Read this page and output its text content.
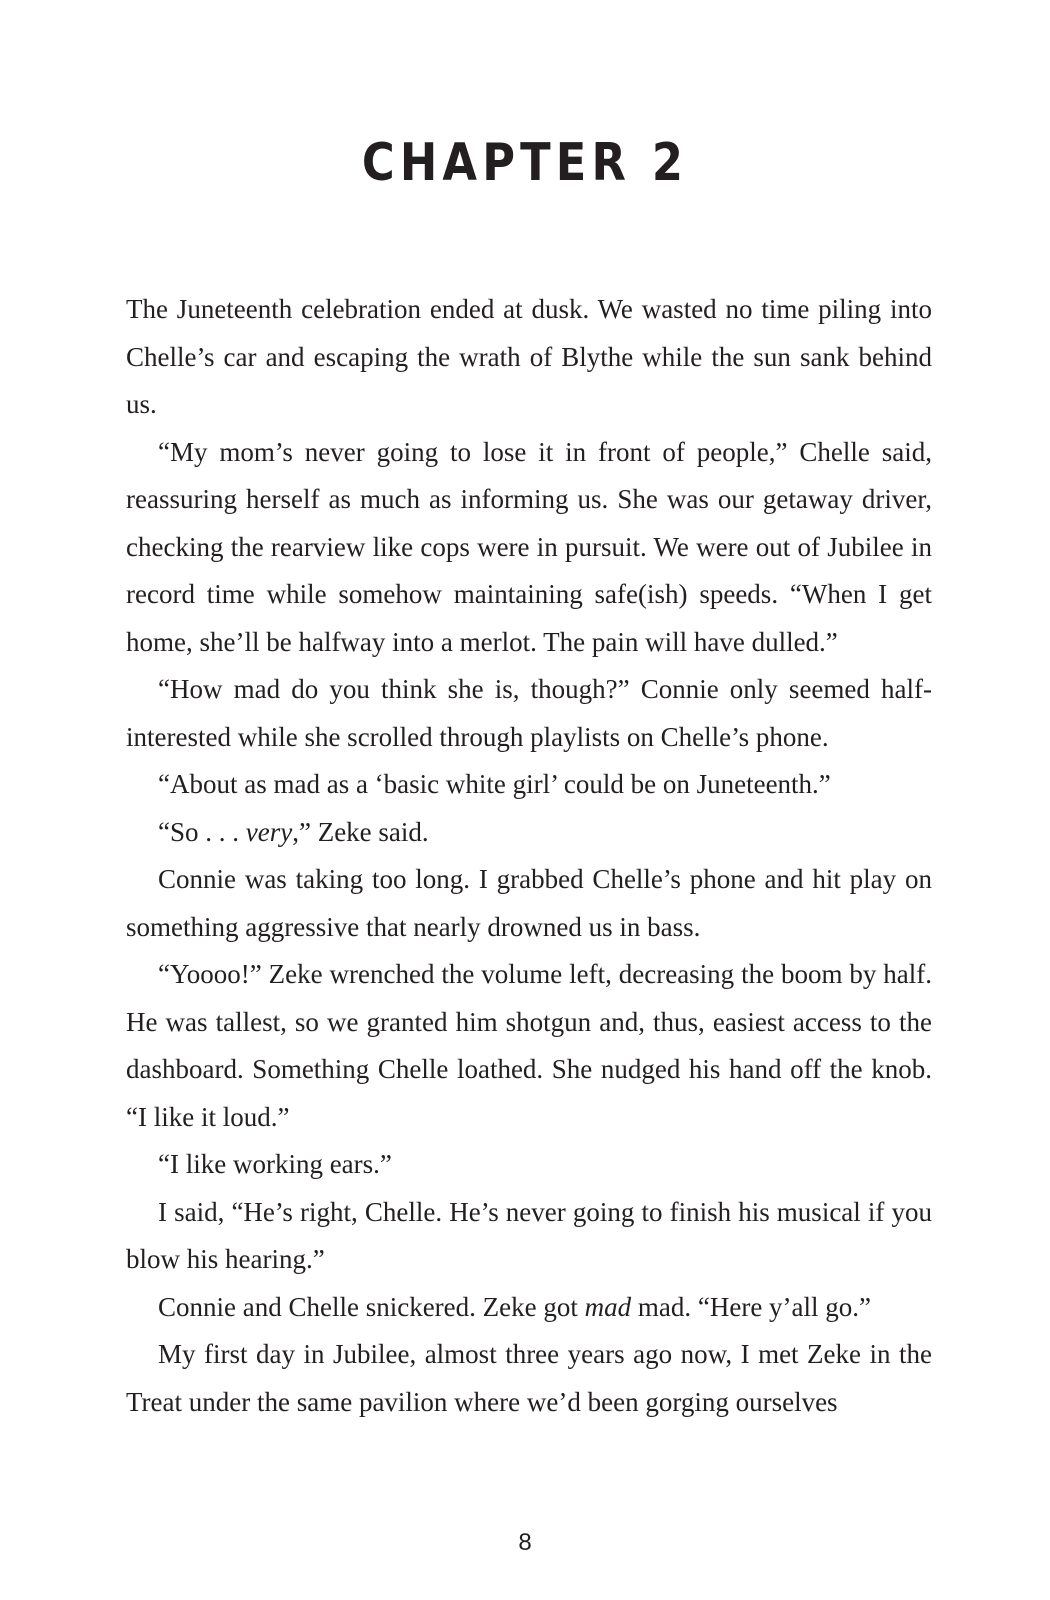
CHAPTER 2

The Juneteenth celebration ended at dusk. We wasted no time piling into Chelle’s car and escaping the wrath of Blythe while the sun sank behind us.

“My mom’s never going to lose it in front of people,” Chelle said, reassuring herself as much as informing us. She was our getaway driver, checking the rearview like cops were in pursuit. We were out of Jubilee in record time while somehow maintaining safe(ish) speeds. “When I get home, she’ll be halfway into a merlot. The pain will have dulled.”

“How mad do you think she is, though?” Connie only seemed half-interested while she scrolled through playlists on Chelle’s phone.

“About as mad as a ‘basic white girl’ could be on Juneteenth.”

“So . . . very,” Zeke said.

Connie was taking too long. I grabbed Chelle’s phone and hit play on something aggressive that nearly drowned us in bass.

“Yoooo!” Zeke wrenched the volume left, decreasing the boom by half. He was tallest, so we granted him shotgun and, thus, easiest access to the dashboard. Something Chelle loathed. She nudged his hand off the knob. “I like it loud.”

“I like working ears.”

I said, “He’s right, Chelle. He’s never going to finish his musical if you blow his hearing.”

Connie and Chelle snickered. Zeke got mad mad. “Here y’all go.”

My first day in Jubilee, almost three years ago now, I met Zeke in the Treat under the same pavilion where we’d been gorging ourselves

8
